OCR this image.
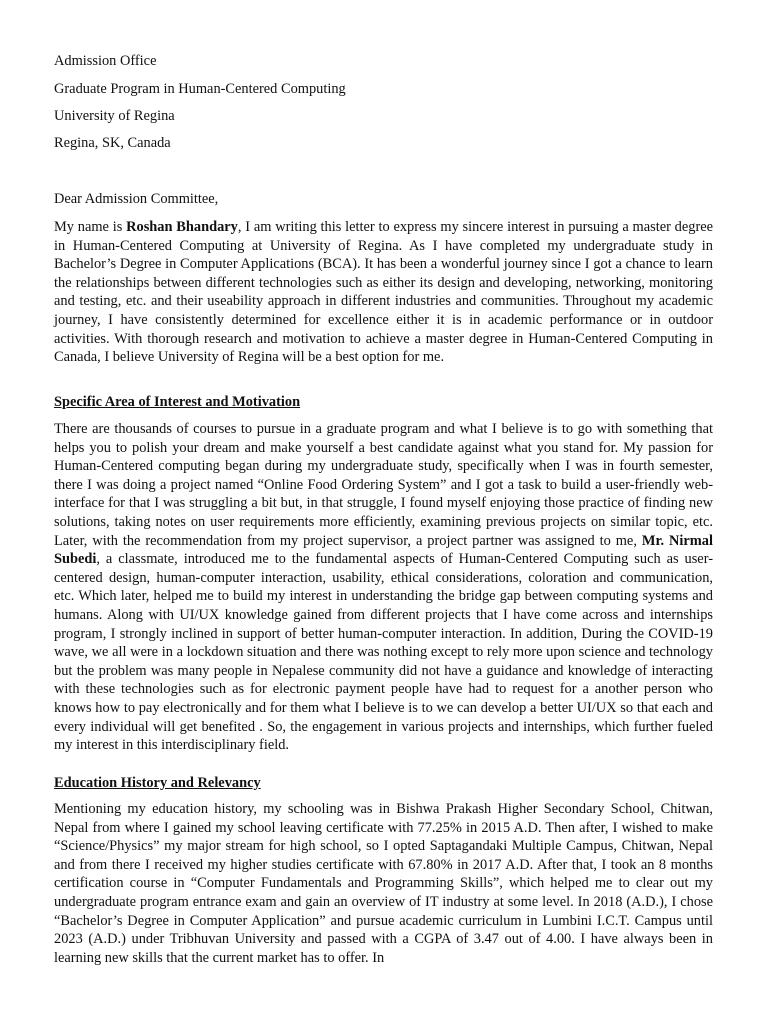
Admission Office
Graduate Program in Human-Centered Computing
University of Regina
Regina, SK, Canada
Dear Admission Committee,

My name is Roshan Bhandary, I am writing this letter to express my sincere interest in pursuing a master degree in Human-Centered Computing at University of Regina. As I have completed my undergraduate study in Bachelor’s Degree in Computer Applications (BCA). It has been a wonderful journey since I got a chance to learn the relationships between different technologies such as either its design and developing, networking, monitoring and testing, etc. and their useability approach in different industries and communities. Throughout my academic journey, I have consistently determined for excellence either it is in academic performance or in outdoor activities. With thorough research and motivation to achieve a master degree in Human-Centered Computing in Canada, I believe University of Regina will be a best option for me.

Specific Area of Interest and Motivation

There are thousands of courses to pursue in a graduate program and what I believe is to go with something that helps you to polish your dream and make yourself a best candidate against what you stand for. My passion for Human-Centered computing began during my undergraduate study, specifically when I was in fourth semester, there I was doing a project named “Online Food Ordering System” and I got a task to build a user-friendly web-interface for that I was struggling a bit but, in that struggle, I found myself enjoying those practice of finding new solutions, taking notes on user requirements more efficiently, examining previous projects on similar topic, etc. Later, with the recommendation from my project supervisor, a project partner was assigned to me, Mr. Nirmal Subedi, a classmate, introduced me to the fundamental aspects of Human-Centered Computing such as user-centered design, human-computer interaction, usability, ethical considerations, coloration and communication, etc. Which later, helped me to build my interest in understanding the bridge gap between computing systems and humans. Along with UI/UX knowledge gained from different projects that I have come across and internships program, I strongly inclined in support of better human-computer interaction. In addition, During the COVID-19 wave, we all were in a lockdown situation and there was nothing except to rely more upon science and technology but the problem was many people in Nepalese community did not have a guidance and knowledge of interacting with these technologies such as for electronic payment people have had to request for a another person who knows how to pay electronically and for them what I believe is to we can develop a better UI/UX so that each and every individual will get benefited . So, the engagement in various projects and internships, which further fueled my interest in this interdisciplinary field.

Education History and Relevancy

Mentioning my education history, my schooling was in Bishwa Prakash Higher Secondary School, Chitwan, Nepal from where I gained my school leaving certificate with 77.25% in 2015 A.D. Then after, I wished to make “Science/Physics” my major stream for high school, so I opted Saptagandaki Multiple Campus, Chitwan, Nepal and from there I received my higher studies certificate with 67.80% in 2017 A.D. After that, I took an 8 months certification course in “Computer Fundamentals and Programming Skills”, which helped me to clear out my undergraduate program entrance exam and gain an overview of IT industry at some level. In 2018 (A.D.), I chose “Bachelor’s Degree in Computer Application” and pursue academic curriculum in Lumbini I.C.T. Campus until 2023 (A.D.) under Tribhuvan University and passed with a CGPA of 3.47 out of 4.00. I have always been in learning new skills that the current market has to offer. In
